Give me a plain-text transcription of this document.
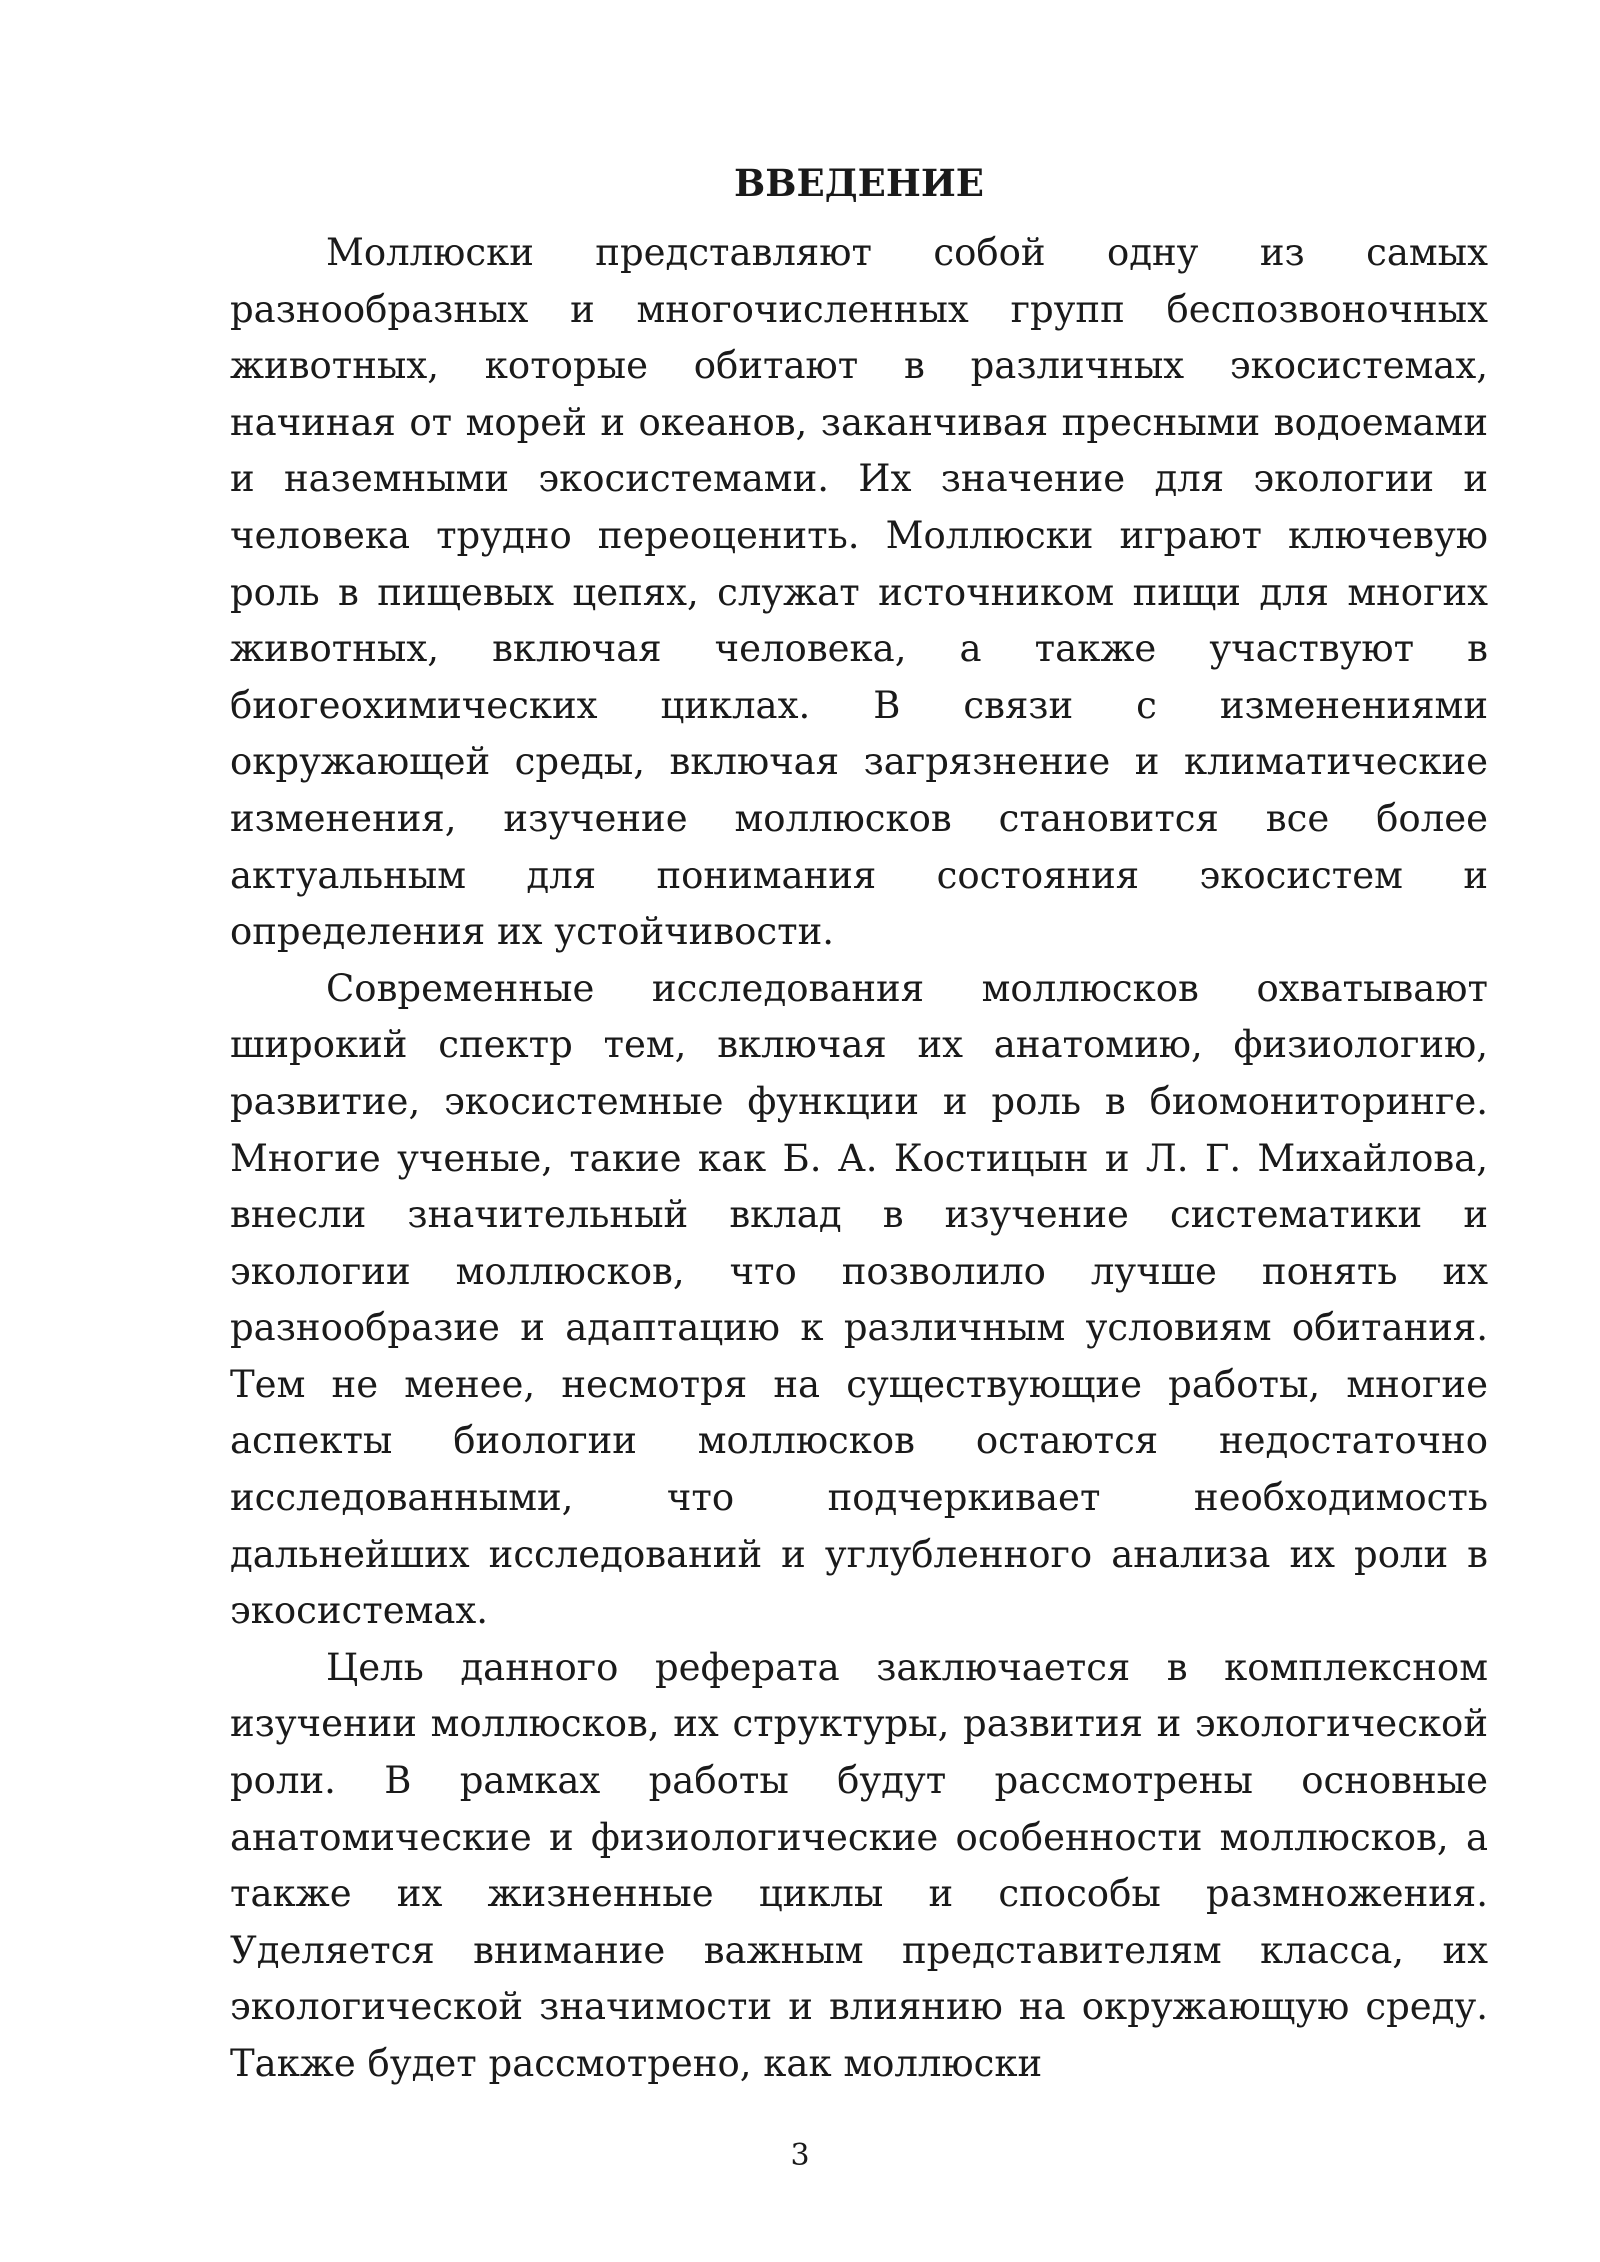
ВВЕДЕНИЕ

Моллюски представляют собой одну из самых разнообразных и многочисленных групп беспозвоночных животных, которые обитают в различных экосистемах, начиная от морей и океанов, заканчивая пресными водоемами и наземными экосистемами. Их значение для экологии и человека трудно переоценить. Моллюски играют ключевую роль в пищевых цепях, служат источником пищи для многих животных, включая человека, а также участвуют в биогеохимических циклах. В связи с изменениями окружающей среды, включая загрязнение и климатические изменения, изучение моллюсков становится все более актуальным для понимания состояния экосистем и определения их устойчивости.

Современные исследования моллюсков охватывают широкий спектр тем, включая их анатомию, физиологию, развитие, экосистемные функции и роль в биомониторинге. Многие ученые, такие как Б. А. Костицын и Л. Г. Михайлова, внесли значительный вклад в изучение систематики и экологии моллюсков, что позволило лучше понять их разнообразие и адаптацию к различным условиям обитания. Тем не менее, несмотря на существующие работы, многие аспекты биологии моллюсков остаются недостаточно исследованными, что подчеркивает необходимость дальнейших исследований и углубленного анализа их роли в экосистемах.

Цель данного реферата заключается в комплексном изучении моллюсков, их структуры, развития и экологической роли. В рамках работы будут рассмотрены основные анатомические и физиологические особенности моллюсков, а также их жизненные циклы и способы размножения. Уделяется внимание важным представителям класса, их экологической значимости и влиянию на окружающую среду. Также будет рассмотрено, как моллюски

3
